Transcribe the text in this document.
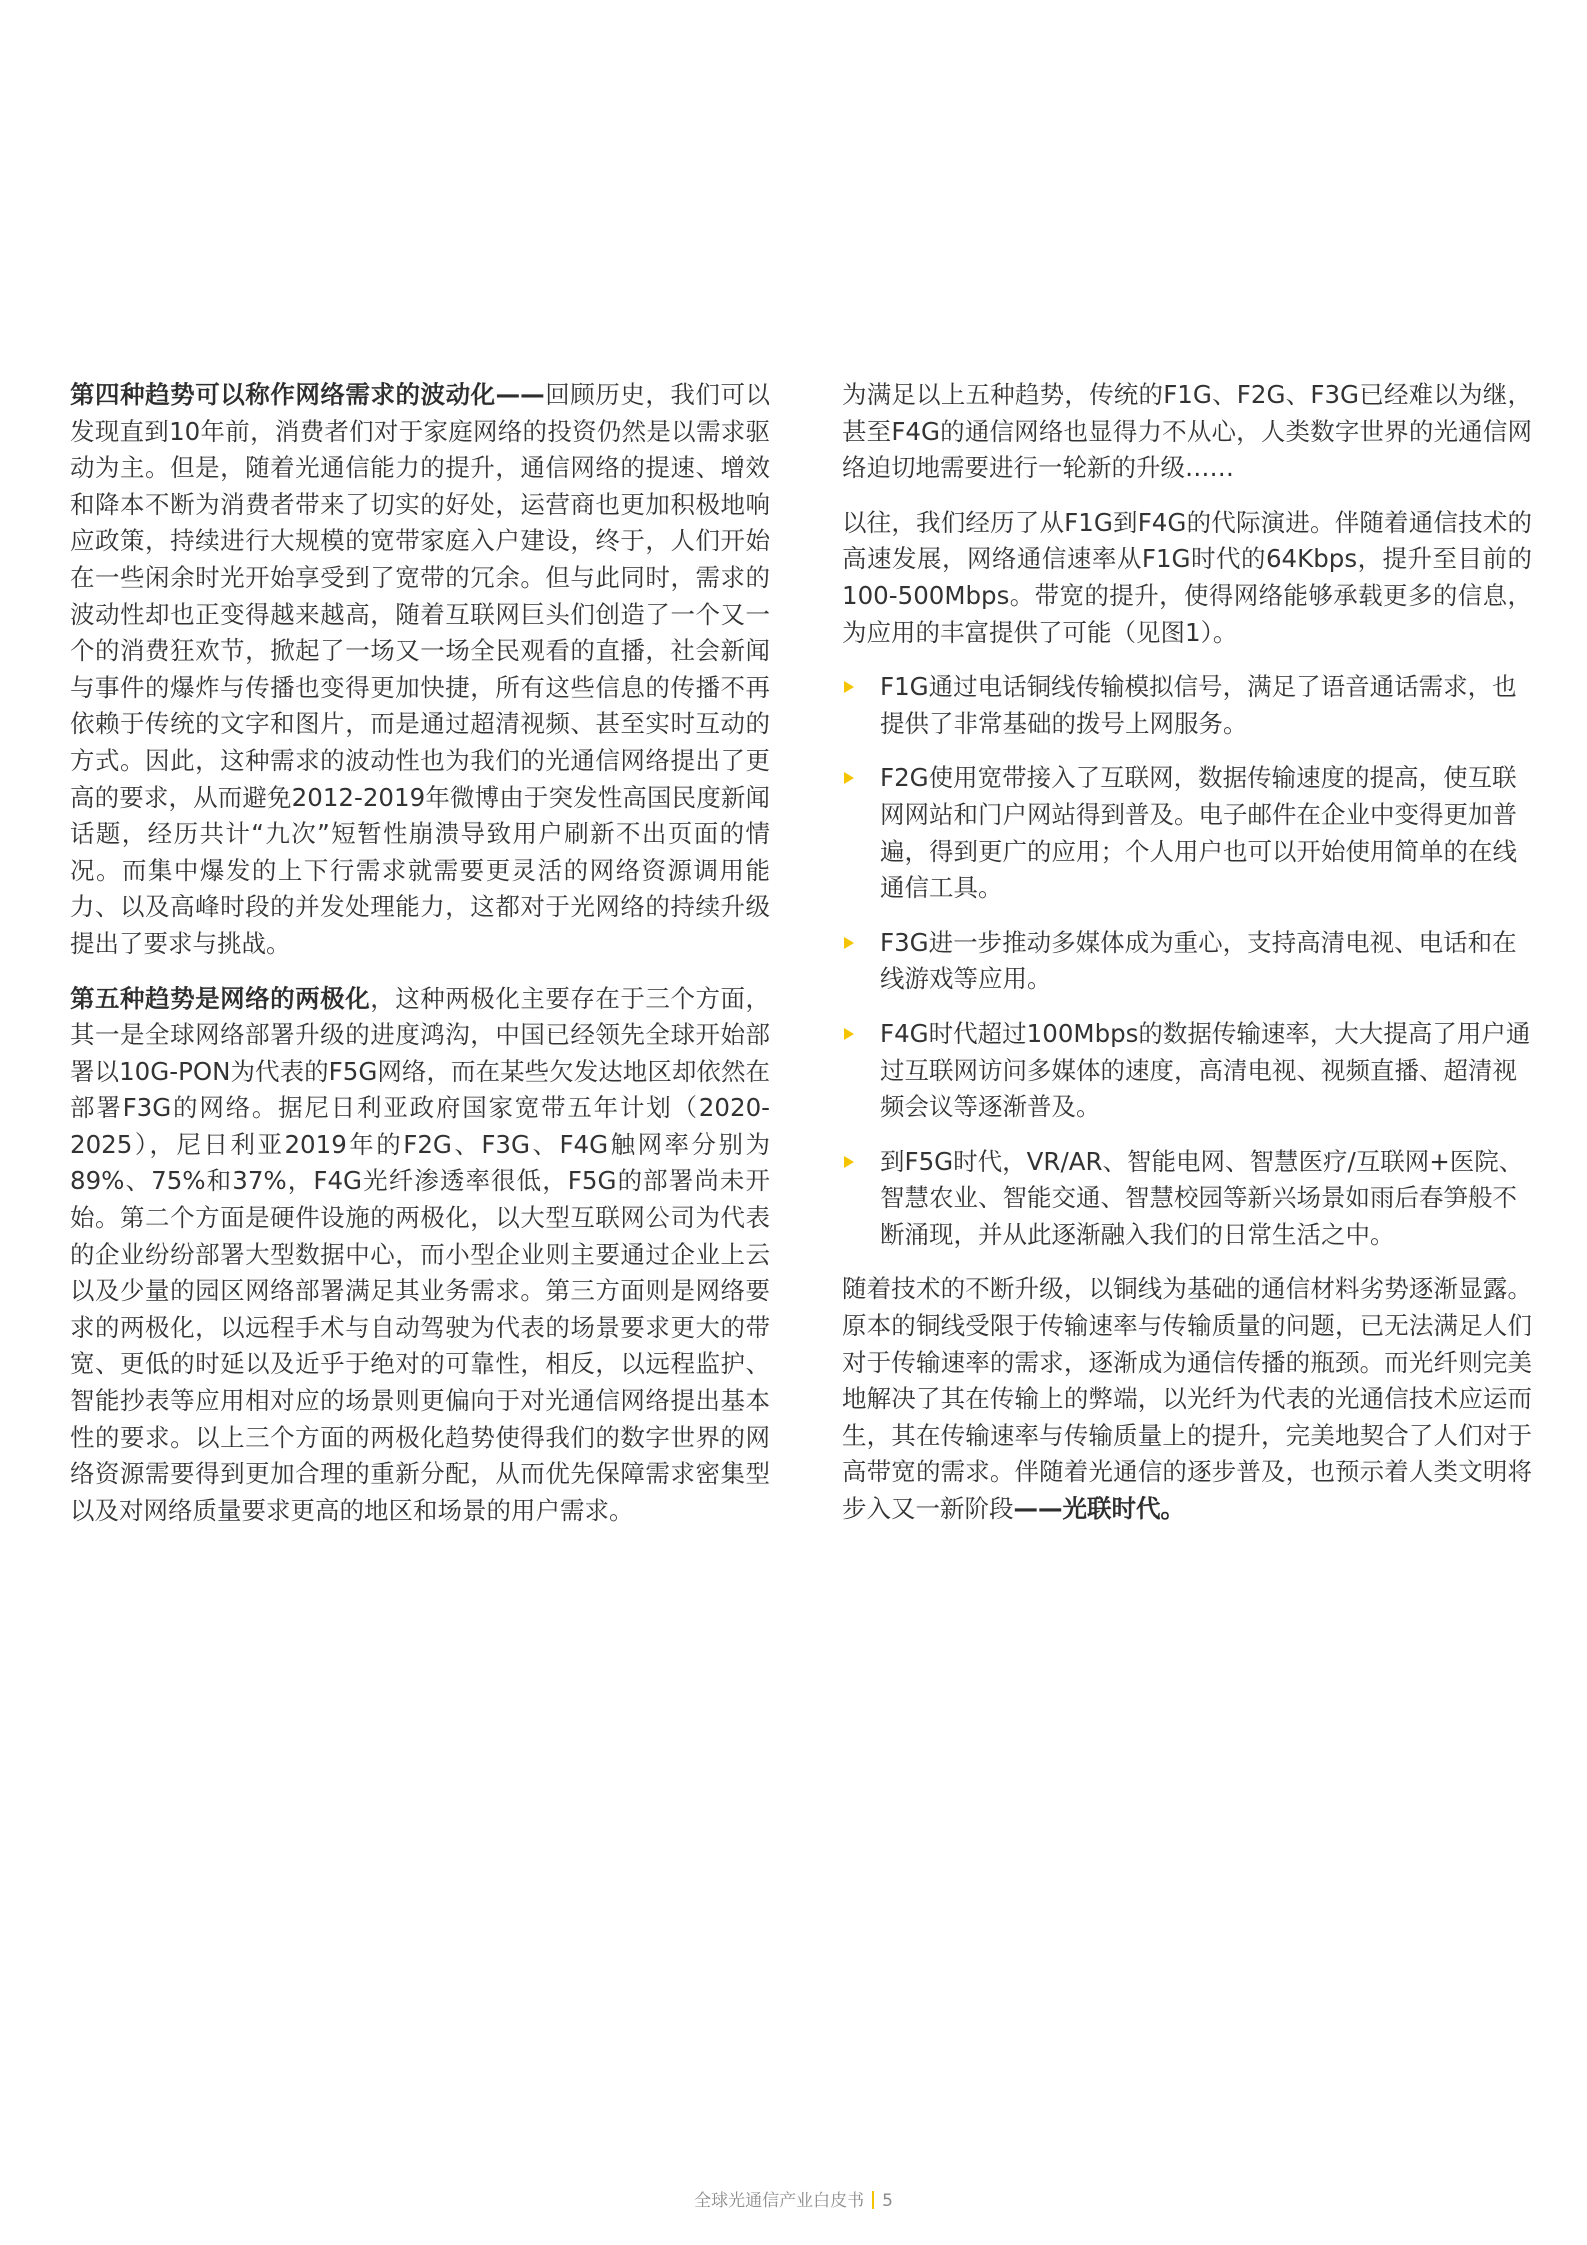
第四种趋势可以称作网络需求的波动化——回顾历史，我们可以发现直到10年前，消费者们对于家庭网络的投资仍然是以需求驱动为主。但是，随着光通信能力的提升，通信网络的提速、增效和降本不断为消费者带来了切实的好处，运营商也更加积极地响应政策，持续进行大规模的宽带家庭入户建设，终于，人们开始在一些闲余时光开始享受到了宽带的冗余。但与此同时，需求的波动性却也正变得越来越高，随着互联网巨头们创造了一个又一个的消费狂欢节，掀起了一场又一场全民观看的直播，社会新闻与事件的爆炸与传播也变得更加快捷，所有这些信息的传播不再依赖于传统的文字和图片，而是通过超清视频、甚至实时互动的方式。因此，这种需求的波动性也为我们的光通信网络提出了更高的要求，从而避免2012-2019年微博由于突发性高国民度新闻话题，经历共计“九次”短暂性崩溃导致用户刷新不出页面的情况。而集中爆发的上下行需求就需要更灵活的网络资源调用能力、以及高峰时段的并发处理能力，这都对于光网络的持续升级提出了要求与挑战。

第五种趋势是网络的两极化，这种两极化主要存在于三个方面，其一是全球网络部署升级的进度鸿沟，中国已经领先全球开始部署以10G-PON为代表的F5G网络，而在某些欠发达地区却依然在部署F3G的网络。据尼日利亚政府国家宽带五年计划（2020-2025），尼日利亚2019年的F2G、F3G、F4G触网率分别为89%、75%和37%，F4G光纤渗透率很低，F5G的部署尚未开始。第二个方面是硬件设施的两极化，以大型互联网公司为代表的企业纷纷部署大型数据中心，而小型企业则主要通过企业上云以及少量的园区网络部署满足其业务需求。第三方面则是网络要求的两极化，以远程手术与自动驾驶为代表的场景要求更大的带宽、更低的时延以及近乎于绝对的可靠性，相反，以远程监护、智能抄表等应用相对应的场景则更偏向于对光通信网络提出基本性的要求。以上三个方面的两极化趋势使得我们的数字世界的网络资源需要得到更加合理的重新分配，从而优先保障需求密集型以及对网络质量要求更高的地区和场景的用户需求。

为满足以上五种趋势，传统的F1G、F2G、F3G已经难以为继，甚至F4G的通信网络也显得力不从心，人类数字世界的光通信网络迫切地需要进行一轮新的升级……

以往，我们经历了从F1G到F4G的代际演进。伴随着通信技术的高速发展，网络通信速率从F1G时代的64Kbps，提升至目前的100-500Mbps。带宽的提升，使得网络能够承载更多的信息，为应用的丰富提供了可能（见图1）。

F1G通过电话铜线传输模拟信号，满足了语音通话需求，也提供了非常基础的拨号上网服务。

F2G使用宽带接入了互联网，数据传输速度的提高，使互联网网站和门户网站得到普及。电子邮件在企业中变得更加普遍，得到更广的应用；个人用户也可以开始使用简单的在线通信工具。

F3G进一步推动多媒体成为重心，支持高清电视、电话和在线游戏等应用。

F4G时代超过100Mbps的数据传输速率，大大提高了用户通过互联网访问多媒体的速度，高清电视、视频直播、超清视频会议等逐渐普及。

到F5G时代，VR/AR、智能电网、智慧医疗/互联网+医院、智慧农业、智能交通、智慧校园等新兴场景如雨后春笋般不断涌现，并从此逐渐融入我们的日常生活之中。

随着技术的不断升级，以铜线为基础的通信材料劣势逐渐显露。原本的铜线受限于传输速率与传输质量的问题，已无法满足人们对于传输速率的需求，逐渐成为通信传播的瓶颈。而光纤则完美地解决了其在传输上的弊端，以光纤为代表的光通信技术应运而生，其在传输速率与传输质量上的提升，完美地契合了人们对于高带宽的需求。伴随着光通信的逐步普及，也预示着人类文明将步入又一新阶段——光联时代。

全球光通信产业白皮书 5
